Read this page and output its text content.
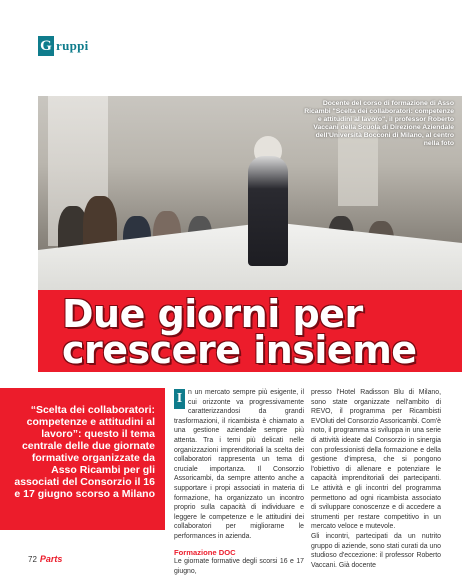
G ruppi
Docente del corso di formazione di Asso Ricambi "Scelta dei collaboratori: competenze e attitudini al lavoro", il professor Roberto Vaccani della Scuola di Direzione Aziendale dell'Università Bocconi di Milano, al centro nella foto
Due giorni per
crescere insieme
“Scelta dei collaboratori: competenze e attitudini al lavoro”: questo il tema centrale delle due giornate formative organizzate da Asso Ricambi per gli associati del Consorzio il 16 e 17 giugno scorso a Milano

I n un mercato sempre più esigente, il cui orizzonte va progressivamente caratterizzandosi da grandi trasformazioni, il ricambista è chiamato a una gestione aziendale sempre più attenta. Tra i temi più delicati nelle organizzazioni imprenditoriali la scelta dei collaboratori rappresenta un tema di cruciale importanza. Il Consorzio Assoricambi, da sempre attento anche a supportare i propi associati in materia di formazione, ha organizzato un incontro proprio sulla capacità di individuare e leggere le competenze e le attitudini dei collaboratori per migliorarne le performances in azienda.

Formazione DOC

Le giornate formative degli scorsi 16 e 17 giugno,

presso l'Hotel Radisson Blu di Milano, sono state organizzate nell'ambito di REVO, il programma per Ricambisti EVOluti del Consorzio Assoricambi. Com'è noto, il programma si sviluppa in una serie di attività ideate dal Consorzio in sinergia con professionisti della formazione e della gestione d'impresa, che si pongono l'obiettivo di allenare e potenziare le capacità imprenditoriali dei partecipanti. Le attività e gli incontri del programma permettono ad ogni ricambista associato di sviluppare conoscenze e di accedere a strumenti per restare competitivo in un mercato veloce e mutevole.

Gli incontri, partecipati da un nutrito gruppo di aziende, sono stati curati da uno studioso d'eccezione: il professor Roberto Vaccani. Già docente

72 Parts
